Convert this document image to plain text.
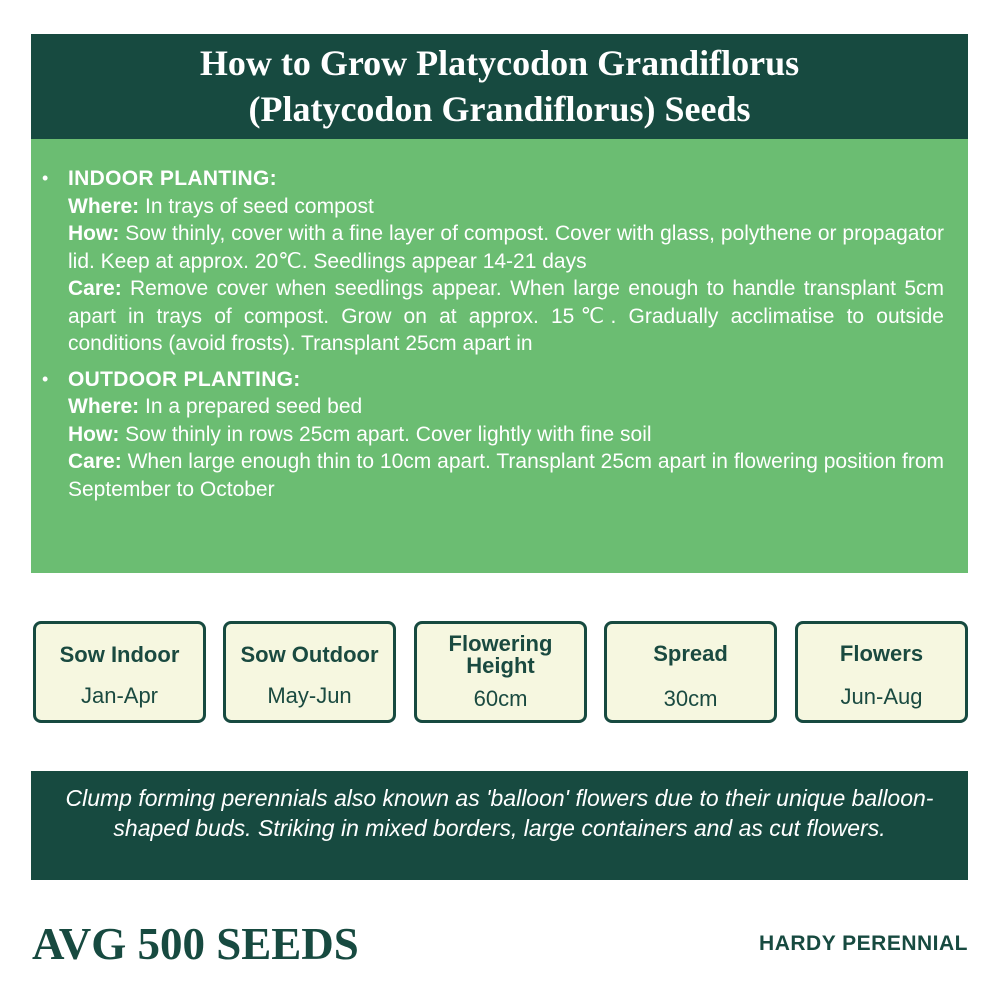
How to Grow Platycodon Grandiflorus
(Platycodon Grandiflorus) Seeds
• INDOOR PLANTING:
Where: In trays of seed compost
How: Sow thinly, cover with a fine layer of compost. Cover with glass, polythene or propagator lid. Keep at approx. 20℃. Seedlings appear 14-21 days
Care: Remove cover when seedlings appear. When large enough to handle transplant 5cm apart in trays of compost. Grow on at approx. 15℃. Gradually acclimatise to outside conditions (avoid frosts). Transplant 25cm apart in
• OUTDOOR PLANTING:
Where: In a prepared seed bed
How: Sow thinly in rows 25cm apart. Cover lightly with fine soil
Care: When large enough thin to 10cm apart. Transplant 25cm apart in flowering position from September to October
Sow Indoor
Jan-Apr
Sow Outdoor
May-Jun
Flowering
Height
60cm
Spread
30cm
Flowers
Jun-Aug
Clump forming perennials also known as 'balloon' flowers due to their unique balloon- shaped buds. Striking in mixed borders, large containers and as cut flowers.
AVG 500 SEEDS	HARDY PERENNIAL
